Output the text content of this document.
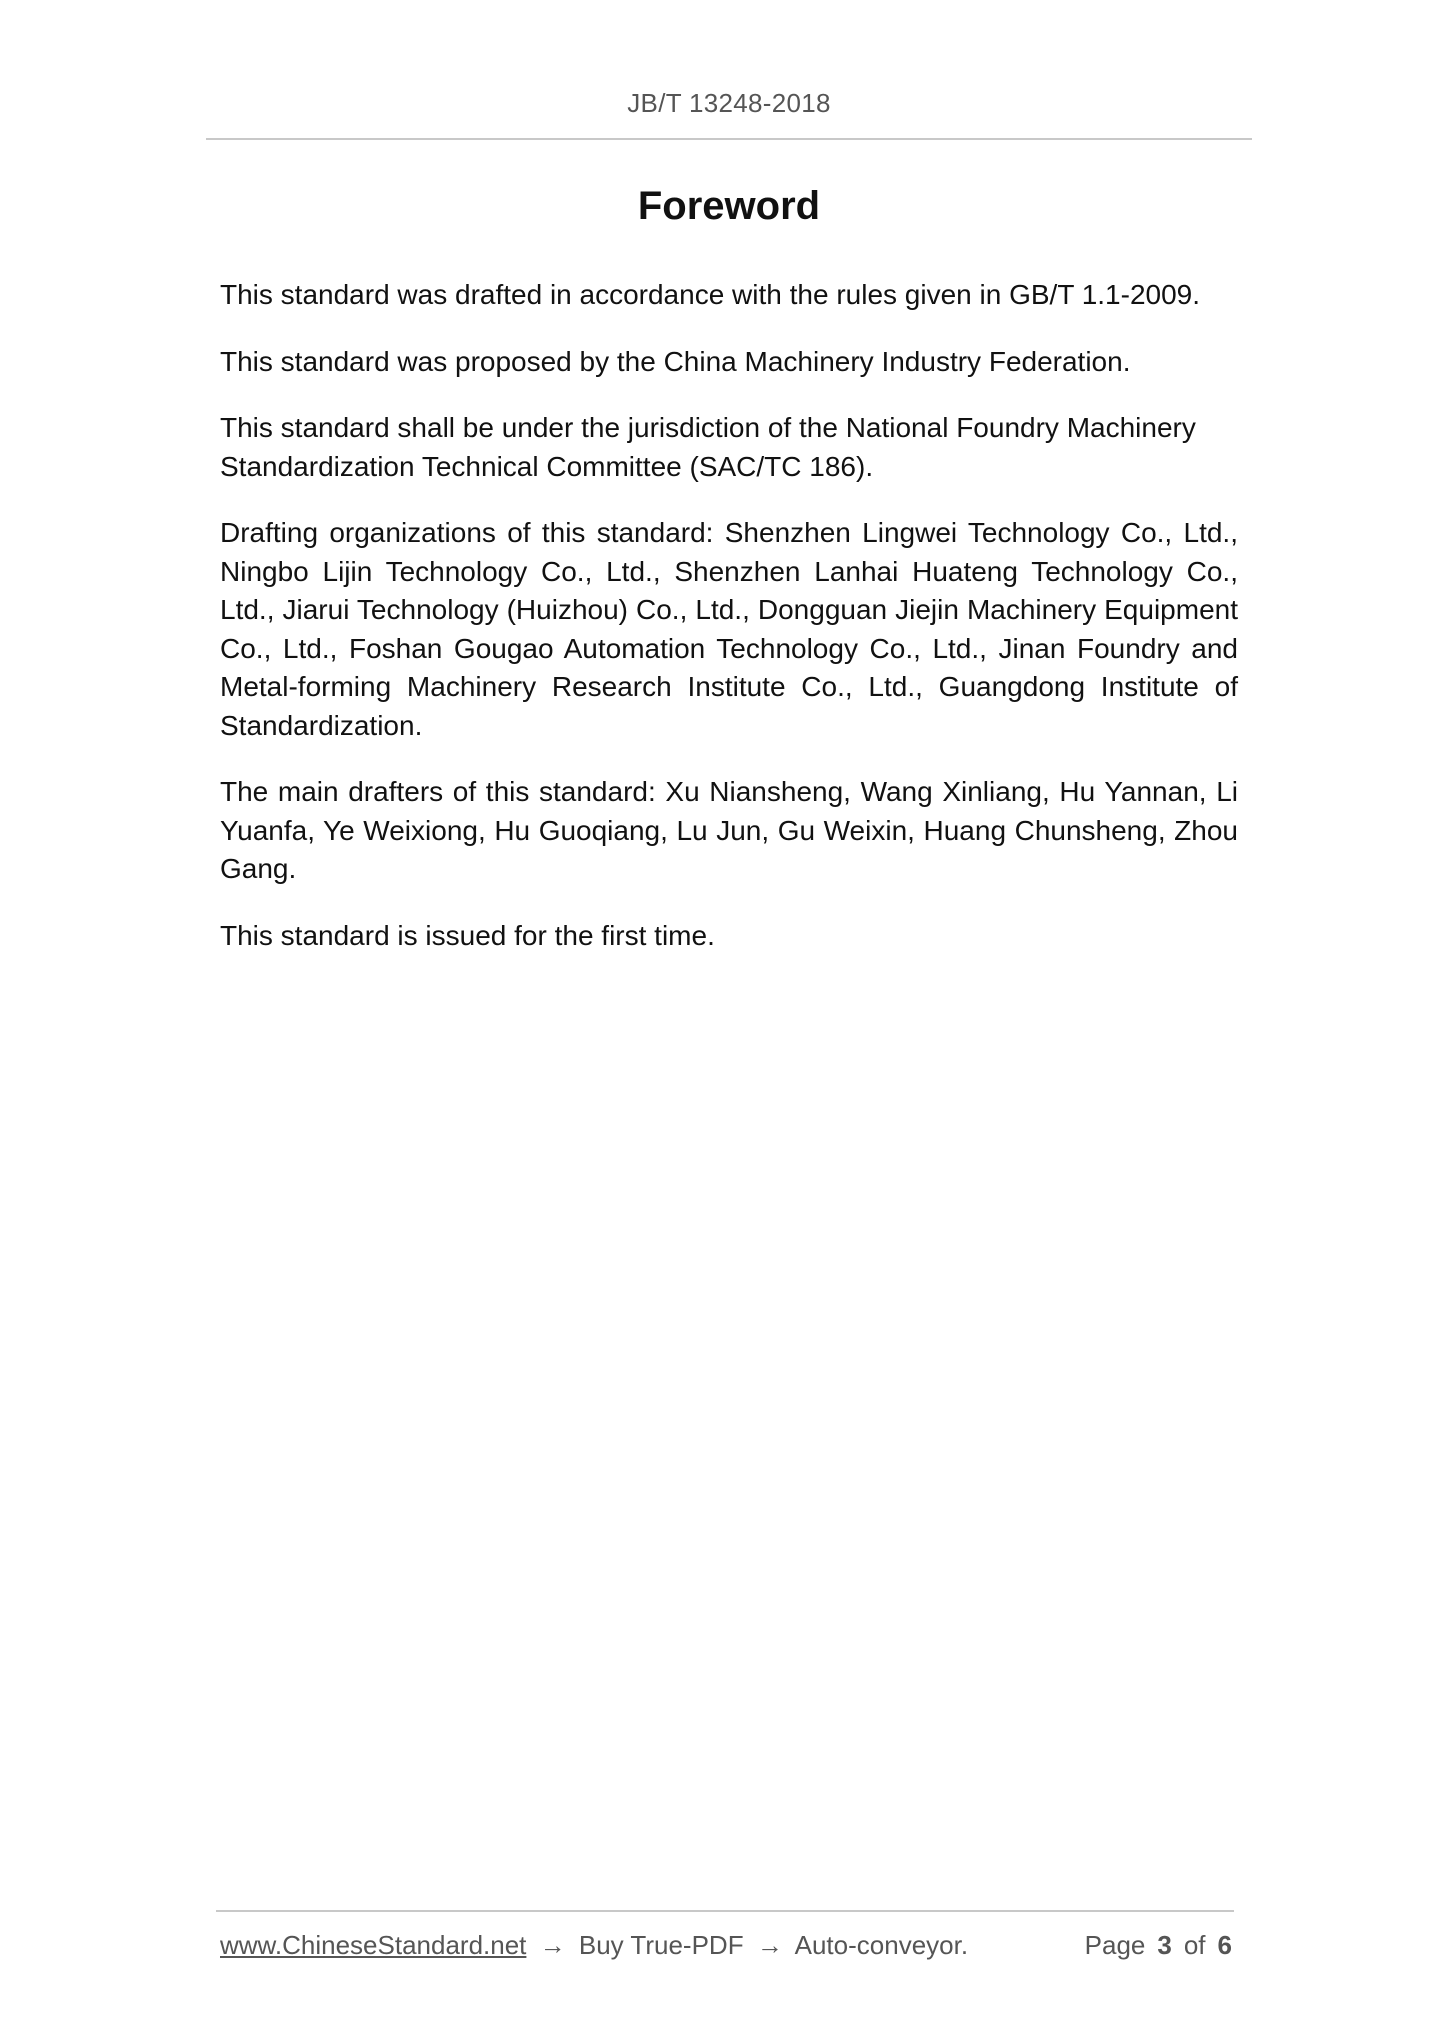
JB/T 13248-2018
Foreword

This standard was drafted in accordance with the rules given in GB/T 1.1-2009.

This standard was proposed by the China Machinery Industry Federation.

This standard shall be under the jurisdiction of the National Foundry Machinery Standardization Technical Committee (SAC/TC 186).

Drafting organizations of this standard: Shenzhen Lingwei Technology Co., Ltd., Ningbo Lijin Technology Co., Ltd., Shenzhen Lanhai Huateng Technology Co., Ltd., Jiarui Technology (Huizhou) Co., Ltd., Dongguan Jiejin Machinery Equipment Co., Ltd., Foshan Gougao Automation Technology Co., Ltd., Jinan Foundry and Metal-forming Machinery Research Institute Co., Ltd., Guangdong Institute of Standardization.

The main drafters of this standard: Xu Niansheng, Wang Xinliang, Hu Yannan, Li Yuanfa, Ye Weixiong, Hu Guoqiang, Lu Jun, Gu Weixin, Huang Chunsheng, Zhou Gang.

This standard is issued for the first time.

www.ChineseStandard.net → Buy True-PDF → Auto-conveyor.	Page 3 of 6
